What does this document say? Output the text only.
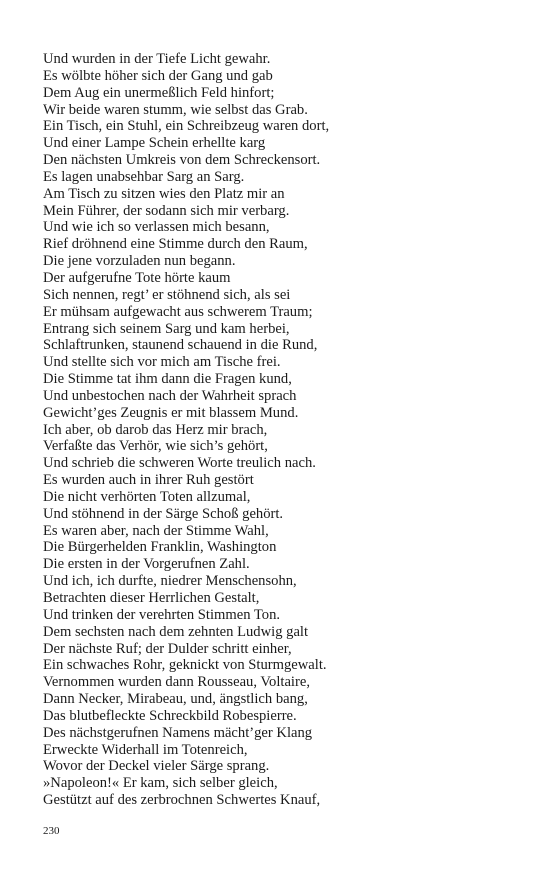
Und wurden in der Tiefe Licht gewahr.
Es wölbte höher sich der Gang und gab
Dem Aug ein unermeßlich Feld hinfort;
Wir beide waren stumm, wie selbst das Grab.
Ein Tisch, ein Stuhl, ein Schreibzeug waren dort,
Und einer Lampe Schein erhellte karg
Den nächsten Umkreis von dem Schreckensort.
Es lagen unabsehbar Sarg an Sarg.
Am Tisch zu sitzen wies den Platz mir an
Mein Führer, der sodann sich mir verbarg.
Und wie ich so verlassen mich besann,
Rief dröhnend eine Stimme durch den Raum,
Die jene vorzuladen nun begann.
Der aufgerufne Tote hörte kaum
Sich nennen, regt’ er stöhnend sich, als sei
Er mühsam aufgewacht aus schwerem Traum;
Entrang sich seinem Sarg und kam herbei,
Schlaftrunken, staunend schauend in die Rund,
Und stellte sich vor mich am Tische frei.
Die Stimme tat ihm dann die Fragen kund,
Und unbestochen nach der Wahrheit sprach
Gewicht’ges Zeugnis er mit blassem Mund.
Ich aber, ob darob das Herz mir brach,
Verfaßte das Verhör, wie sich’s gehört,
Und schrieb die schweren Worte treulich nach.
Es wurden auch in ihrer Ruh gestört
Die nicht verhörten Toten allzumal,
Und stöhnend in der Särge Schoß gehört.
Es waren aber, nach der Stimme Wahl,
Die Bürgerhelden Franklin, Washington
Die ersten in der Vorgerufnen Zahl.
Und ich, ich durfte, niedrer Menschensohn,
Betrachten dieser Herrlichen Gestalt,
Und trinken der verehrten Stimmen Ton.
Dem sechsten nach dem zehnten Ludwig galt
Der nächste Ruf; der Dulder schritt einher,
Ein schwaches Rohr, geknickt von Sturmgewalt.
Vernommen wurden dann Rousseau, Voltaire,
Dann Necker, Mirabeau, und, ängstlich bang,
Das blutbefleckte Schreckbild Robespierre.
Des nächstgerufnen Namens mächt’ger Klang
Erweckte Widerhall im Totenreich,
Wovor der Deckel vieler Särge sprang.
»Napoleon!« Er kam, sich selber gleich,
Gestützt auf des zerbrochnen Schwertes Knauf,
230
